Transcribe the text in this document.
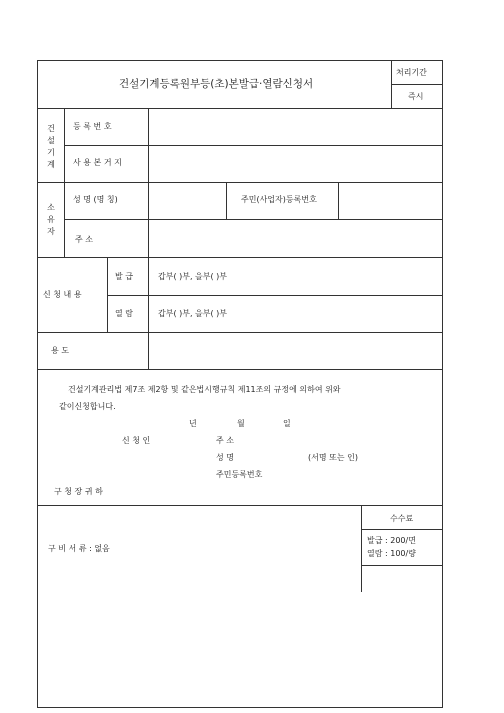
건설기계등록원부등(초)본발급·열람신청서
처리기간
즉시
건설기계
등 록 번 호
사 용 본 거 지
소유자
성 명 (명 칭)	주민(사업자)등록번호
주 소
신 청 내 용
발 급	갑부( )부, 을부( )부
열 람	갑부( )부, 을부( )부
용 도
건설기계관리법 제7조 제2항 및 같은법시행규칙 제11조의 규정에 의하여 위와
같이신청합니다.
년	월	일
신 청 인	주 소
성 명	(서명 또는 인)
주민등록번호
구 청 장 귀 하
구 비 서 류 : 없음
수수료
발급 : 200/면
열람 : 100/량
